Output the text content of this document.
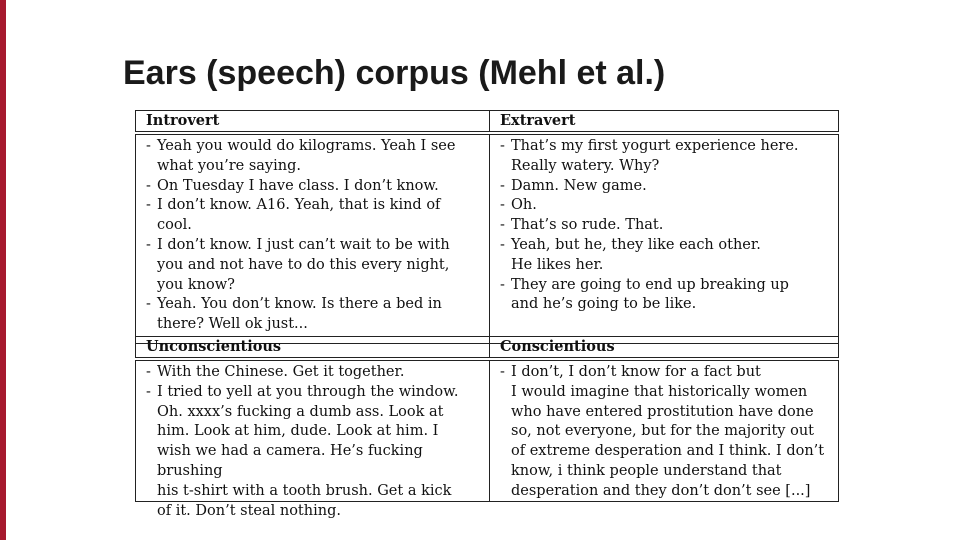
Ears (speech) corpus (Mehl et al.)
Introvert	Extravert
- Yeah you would do kilograms. Yeah I see
what you’re saying.
- On Tuesday I have class. I don’t know.
- I don’t know. A16. Yeah, that is kind of cool.
- I don’t know. I just can’t wait to be with
you and not have to do this every night,
you know?
- Yeah. You don’t know. Is there a bed in
there? Well ok just...
- That’s my first yogurt experience here.
Really watery. Why?
- Damn. New game.
- Oh.
- That’s so rude. That.
- Yeah, but he, they like each other.
He likes her.
- They are going to end up breaking up
and he’s going to be like.
Unconscientious	Conscientious
- With the Chinese. Get it together.
- I tried to yell at you through the window.
Oh. xxxx’s fucking a dumb ass. Look at
him. Look at him, dude. Look at him. I
wish we had a camera. He’s fucking brushing
his t-shirt with a tooth brush. Get a kick
of it. Don’t steal nothing.
- I don’t, I don’t know for a fact but
I would imagine that historically women
who have entered prostitution have done
so, not everyone, but for the majority out
of extreme desperation and I think. I don’t
know, i think people understand that
desperation and they don’t don’t see [...]
